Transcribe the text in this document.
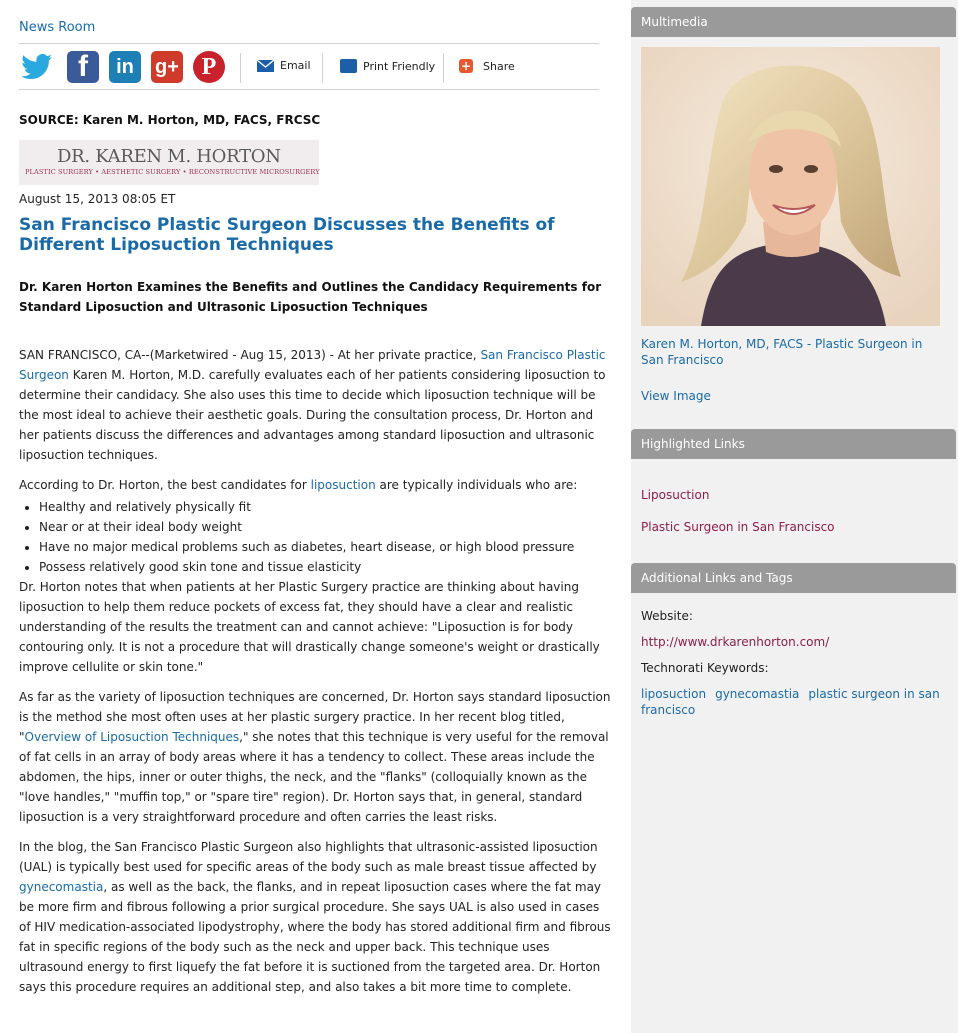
News Room
f	in	g+ P	Email	Print Friendly + Share
SOURCE: Karen M. Horton, MD, FACS, FRCSC
DR. KAREN M. HORTON
PLASTIC SURGERY • AESTHETIC SURGERY • RECONSTRUCTIVE MICROSURGERY
August 15, 2013 08:05 ET
San Francisco Plastic Surgeon Discusses the Benefits of Different Liposuction Techniques
Dr. Karen Horton Examines the Benefits and Outlines the Candidacy Requirements for Standard Liposuction and Ultrasonic Liposuction Techniques

SAN FRANCISCO, CA--(Marketwired - Aug 15, 2013) - At her private practice, San Francisco Plastic Surgeon Karen M. Horton, M.D. carefully evaluates each of her patients considering liposuction to determine their candidacy. She also uses this time to decide which liposuction technique will be the most ideal to achieve their aesthetic goals. During the consultation process, Dr. Horton and her patients discuss the differences and advantages among standard liposuction and ultrasonic liposuction techniques.

According to Dr. Horton, the best candidates for liposuction are typically individuals who are:

• Healthy and relatively physically fit
• Near or at their ideal body weight
• Have no major medical problems such as diabetes, heart disease, or high blood pressure
• Possess relatively good skin tone and tissue elasticity

Dr. Horton notes that when patients at her Plastic Surgery practice are thinking about having liposuction to help them reduce pockets of excess fat, they should have a clear and realistic understanding of the results the treatment can and cannot achieve: "Liposuction is for body contouring only. It is not a procedure that will drastically change someone's weight or drastically improve cellulite or skin tone."

As far as the variety of liposuction techniques are concerned, Dr. Horton says standard liposuction is the method she most often uses at her plastic surgery practice. In her recent blog titled, "Overview of Liposuction Techniques," she notes that this technique is very useful for the removal of fat cells in an array of body areas where it has a tendency to collect. These areas include the abdomen, the hips, inner or outer thighs, the neck, and the "flanks" (colloquially known as the "love handles," "muffin top," or "spare tire" region). Dr. Horton says that, in general, standard liposuction is a very straightforward procedure and often carries the least risks.

In the blog, the San Francisco Plastic Surgeon also highlights that ultrasonic-assisted liposuction (UAL) is typically best used for specific areas of the body such as male breast tissue affected by gynecomastia, as well as the back, the flanks, and in repeat liposuction cases where the fat may be more firm and fibrous following a prior surgical procedure. She says UAL is also used in cases of HIV medication-associated lipodystrophy, where the body has stored additional firm and fibrous fat in specific regions of the body such as the neck and upper back. This technique uses ultrasound energy to first liquefy the fat before it is suctioned from the targeted area. Dr. Horton says this procedure requires an additional step, and also takes a bit more time to complete.

Multimedia
Karen M. Horton, MD, FACS - Plastic Surgeon in San Francisco
View Image
Highlighted Links
Liposuction
Plastic Surgeon in San Francisco
Additional Links and Tags
Website:
http://www.drkarenhorton.com/
Technorati Keywords:
liposuction gynecomastia plastic surgeon in san francisco
